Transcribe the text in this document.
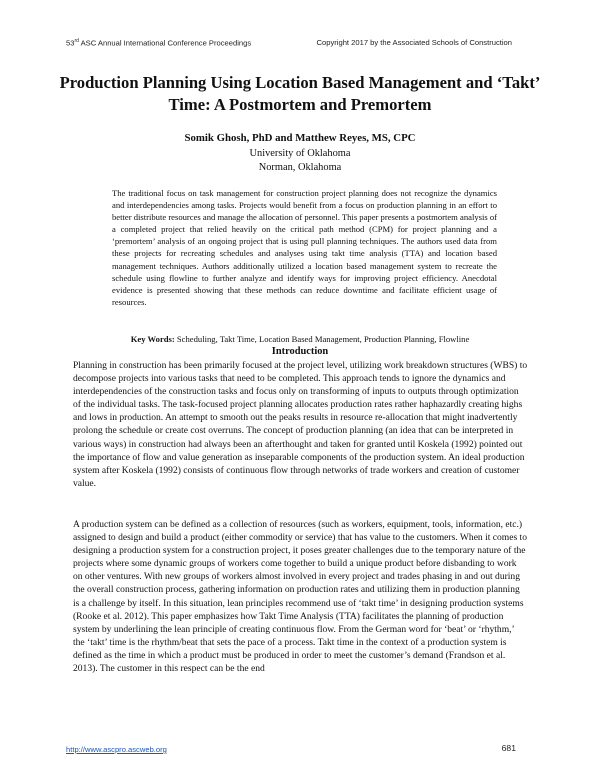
53rd ASC Annual International Conference Proceedings	Copyright 2017 by the Associated Schools of Construction
Production Planning Using Location Based Management and ‘Takt’ Time: A Postmortem and Premortem
Somik Ghosh, PhD and Matthew Reyes, MS, CPC
University of Oklahoma
Norman, Oklahoma

The traditional focus on task management for construction project planning does not recognize the dynamics and interdependencies among tasks. Projects would benefit from a focus on production planning in an effort to better distribute resources and manage the allocation of personnel. This paper presents a postmortem analysis of a completed project that relied heavily on the critical path method (CPM) for project planning and a ‘premortem’ analysis of an ongoing project that is using pull planning techniques. The authors used data from these projects for recreating schedules and analyses using takt time analysis (TTA) and location based management techniques. Authors additionally utilized a location based management system to recreate the schedule using flowline to further analyze and identify ways for improving project efficiency. Anecdotal evidence is presented showing that these methods can reduce downtime and facilitate efficient usage of resources.

Key Words: Scheduling, Takt Time, Location Based Management, Production Planning, Flowline
Introduction

Planning in construction has been primarily focused at the project level, utilizing work breakdown structures (WBS) to decompose projects into various tasks that need to be completed. This approach tends to ignore the dynamics and interdependencies of the construction tasks and focus only on transforming of inputs to outputs through optimization of the individual tasks. The task-focused project planning allocates production rates rather haphazardly creating highs and lows in production. An attempt to smooth out the peaks results in resource re-allocation that might inadvertently prolong the schedule or create cost overruns. The concept of production planning (an idea that can be interpreted in various ways) in construction had always been an afterthought and taken for granted until Koskela (1992) pointed out the importance of flow and value generation as inseparable components of the production system. An ideal production system after Koskela (1992) consists of continuous flow through networks of trade workers and creation of customer value.

A production system can be defined as a collection of resources (such as workers, equipment, tools, information, etc.) assigned to design and build a product (either commodity or service) that has value to the customers. When it comes to designing a production system for a construction project, it poses greater challenges due to the temporary nature of the projects where some dynamic groups of workers come together to build a unique product before disbanding to work on other ventures. With new groups of workers almost involved in every project and trades phasing in and out during the overall construction process, gathering information on production rates and utilizing them in production planning is a challenge by itself. In this situation, lean principles recommend use of ‘takt time’ in designing production systems (Rooke et al. 2012). This paper emphasizes how Takt Time Analysis (TTA) facilitates the planning of production system by underlining the lean principle of creating continuous flow. From the German word for ‘beat’ or ‘rhythm,’ the ‘takt’ time is the rhythm/beat that sets the pace of a process. Takt time in the context of a production system is defined as the time in which a product must be produced in order to meet the customer’s demand (Frandson et al. 2013). The customer in this respect can be the end

http://www.ascpro.ascweb.org	681
